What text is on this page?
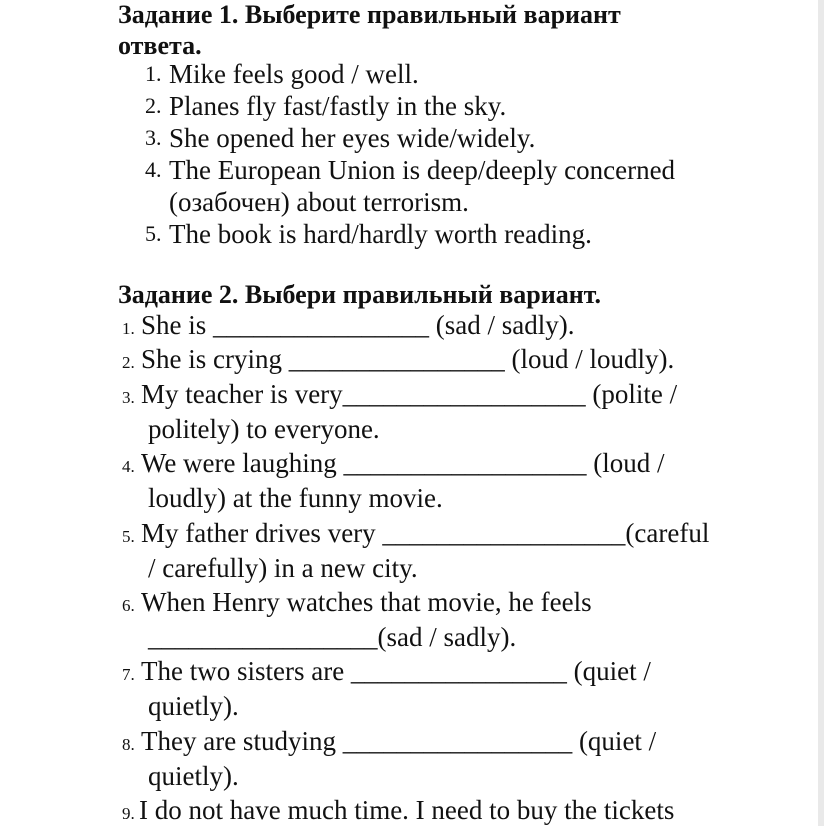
Задание 1. Выберите правильный вариант
ответа.
1. Mike feels good / well.
2. Planes fly fast/fastly in the sky.
3. She opened her eyes wide/widely.
4. The European Union is deep/deeply concerned
(озабочен) about terrorism.
5. The book is hard/hardly worth reading.
Задание 2. Выбери правильный вариант.
1. She is ________________ (sad / sadly).
2. She is crying ________________ (loud / loudly).
3. My teacher is very__________________ (polite /
politely) to everyone.
4. We were laughing __________________ (loud /
loudly) at the funny movie.
5. My father drives very __________________(careful
/ carefully) in a new city.
6. When Henry watches that movie, he feels
_________________(sad / sadly).
7. The two sisters are ________________ (quiet /
quietly).
8. They are studying _________________ (quiet /
quietly).
9. I do not have much time. I need to buy the tickets
